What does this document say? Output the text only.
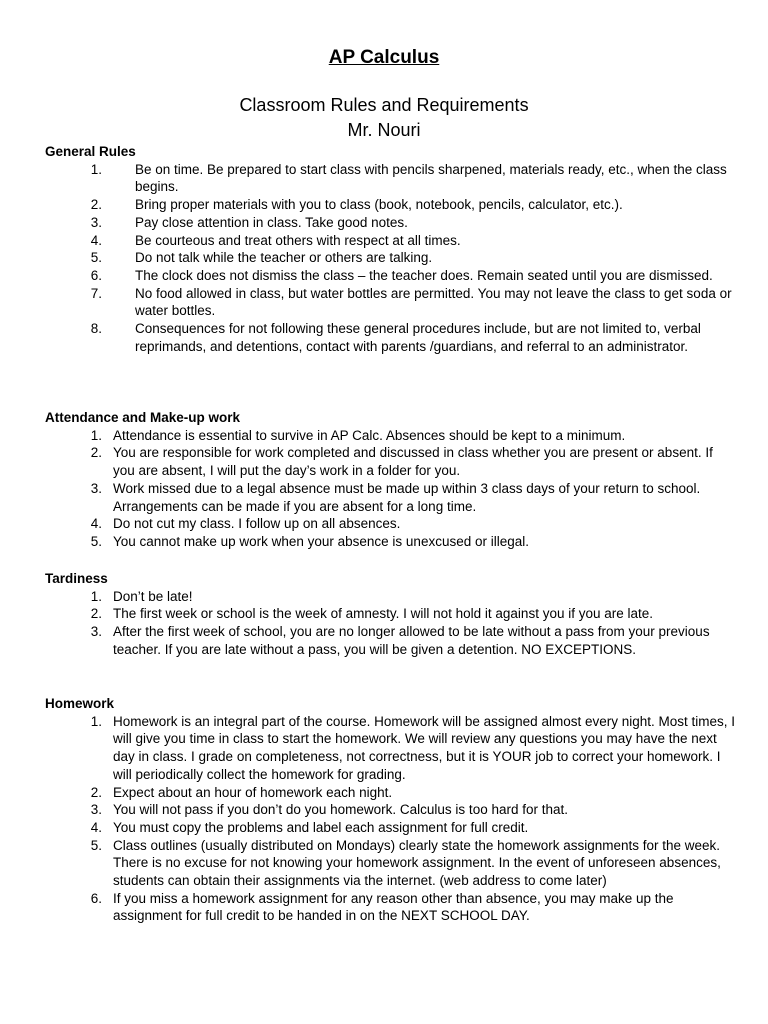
AP Calculus
Classroom Rules and Requirements
Mr. Nouri
General Rules
1.	Be on time. Be prepared to start class with pencils sharpened, materials ready, etc., when the class begins.
2.	Bring proper materials with you to class (book, notebook, pencils, calculator, etc.).
3.	Pay close attention in class. Take good notes.
4.	Be courteous and treat others with respect at all times.
5.	Do not talk while the teacher or others are talking.
6.	The clock does not dismiss the class – the teacher does. Remain seated until you are dismissed.
7.	No food allowed in class, but water bottles are permitted. You may not leave the class to get soda or water bottles.
8.	Consequences for not following these general procedures include, but are not limited to, verbal reprimands, and detentions, contact with parents /guardians, and referral to an administrator.
Attendance and Make-up work
1. Attendance is essential to survive in AP Calc. Absences should be kept to a minimum.
2. You are responsible for work completed and discussed in class whether you are present or absent. If you are absent, I will put the day’s work in a folder for you.
3. Work missed due to a legal absence must be made up within 3 class days of your return to school. Arrangements can be made if you are absent for a long time.
4. Do not cut my class. I follow up on all absences.
5. You cannot make up work when your absence is unexcused or illegal.
Tardiness
1. Don’t be late!
2. The first week or school is the week of amnesty. I will not hold it against you if you are late.
3. After the first week of school, you are no longer allowed to be late without a pass from your previous teacher. If you are late without a pass, you will be given a detention. NO EXCEPTIONS.
Homework
1. Homework is an integral part of the course. Homework will be assigned almost every night. Most times, I will give you time in class to start the homework. We will review any questions you may have the next day in class. I grade on completeness, not correctness, but it is YOUR job to correct your homework. I will periodically collect the homework for grading.
2. Expect about an hour of homework each night.
3. You will not pass if you don’t do you homework. Calculus is too hard for that.
4. You must copy the problems and label each assignment for full credit.
5. Class outlines (usually distributed on Mondays) clearly state the homework assignments for the week. There is no excuse for not knowing your homework assignment. In the event of unforeseen absences, students can obtain their assignments via the internet. (web address to come later)
6. If you miss a homework assignment for any reason other than absence, you may make up the assignment for full credit to be handed in on the NEXT SCHOOL DAY.
